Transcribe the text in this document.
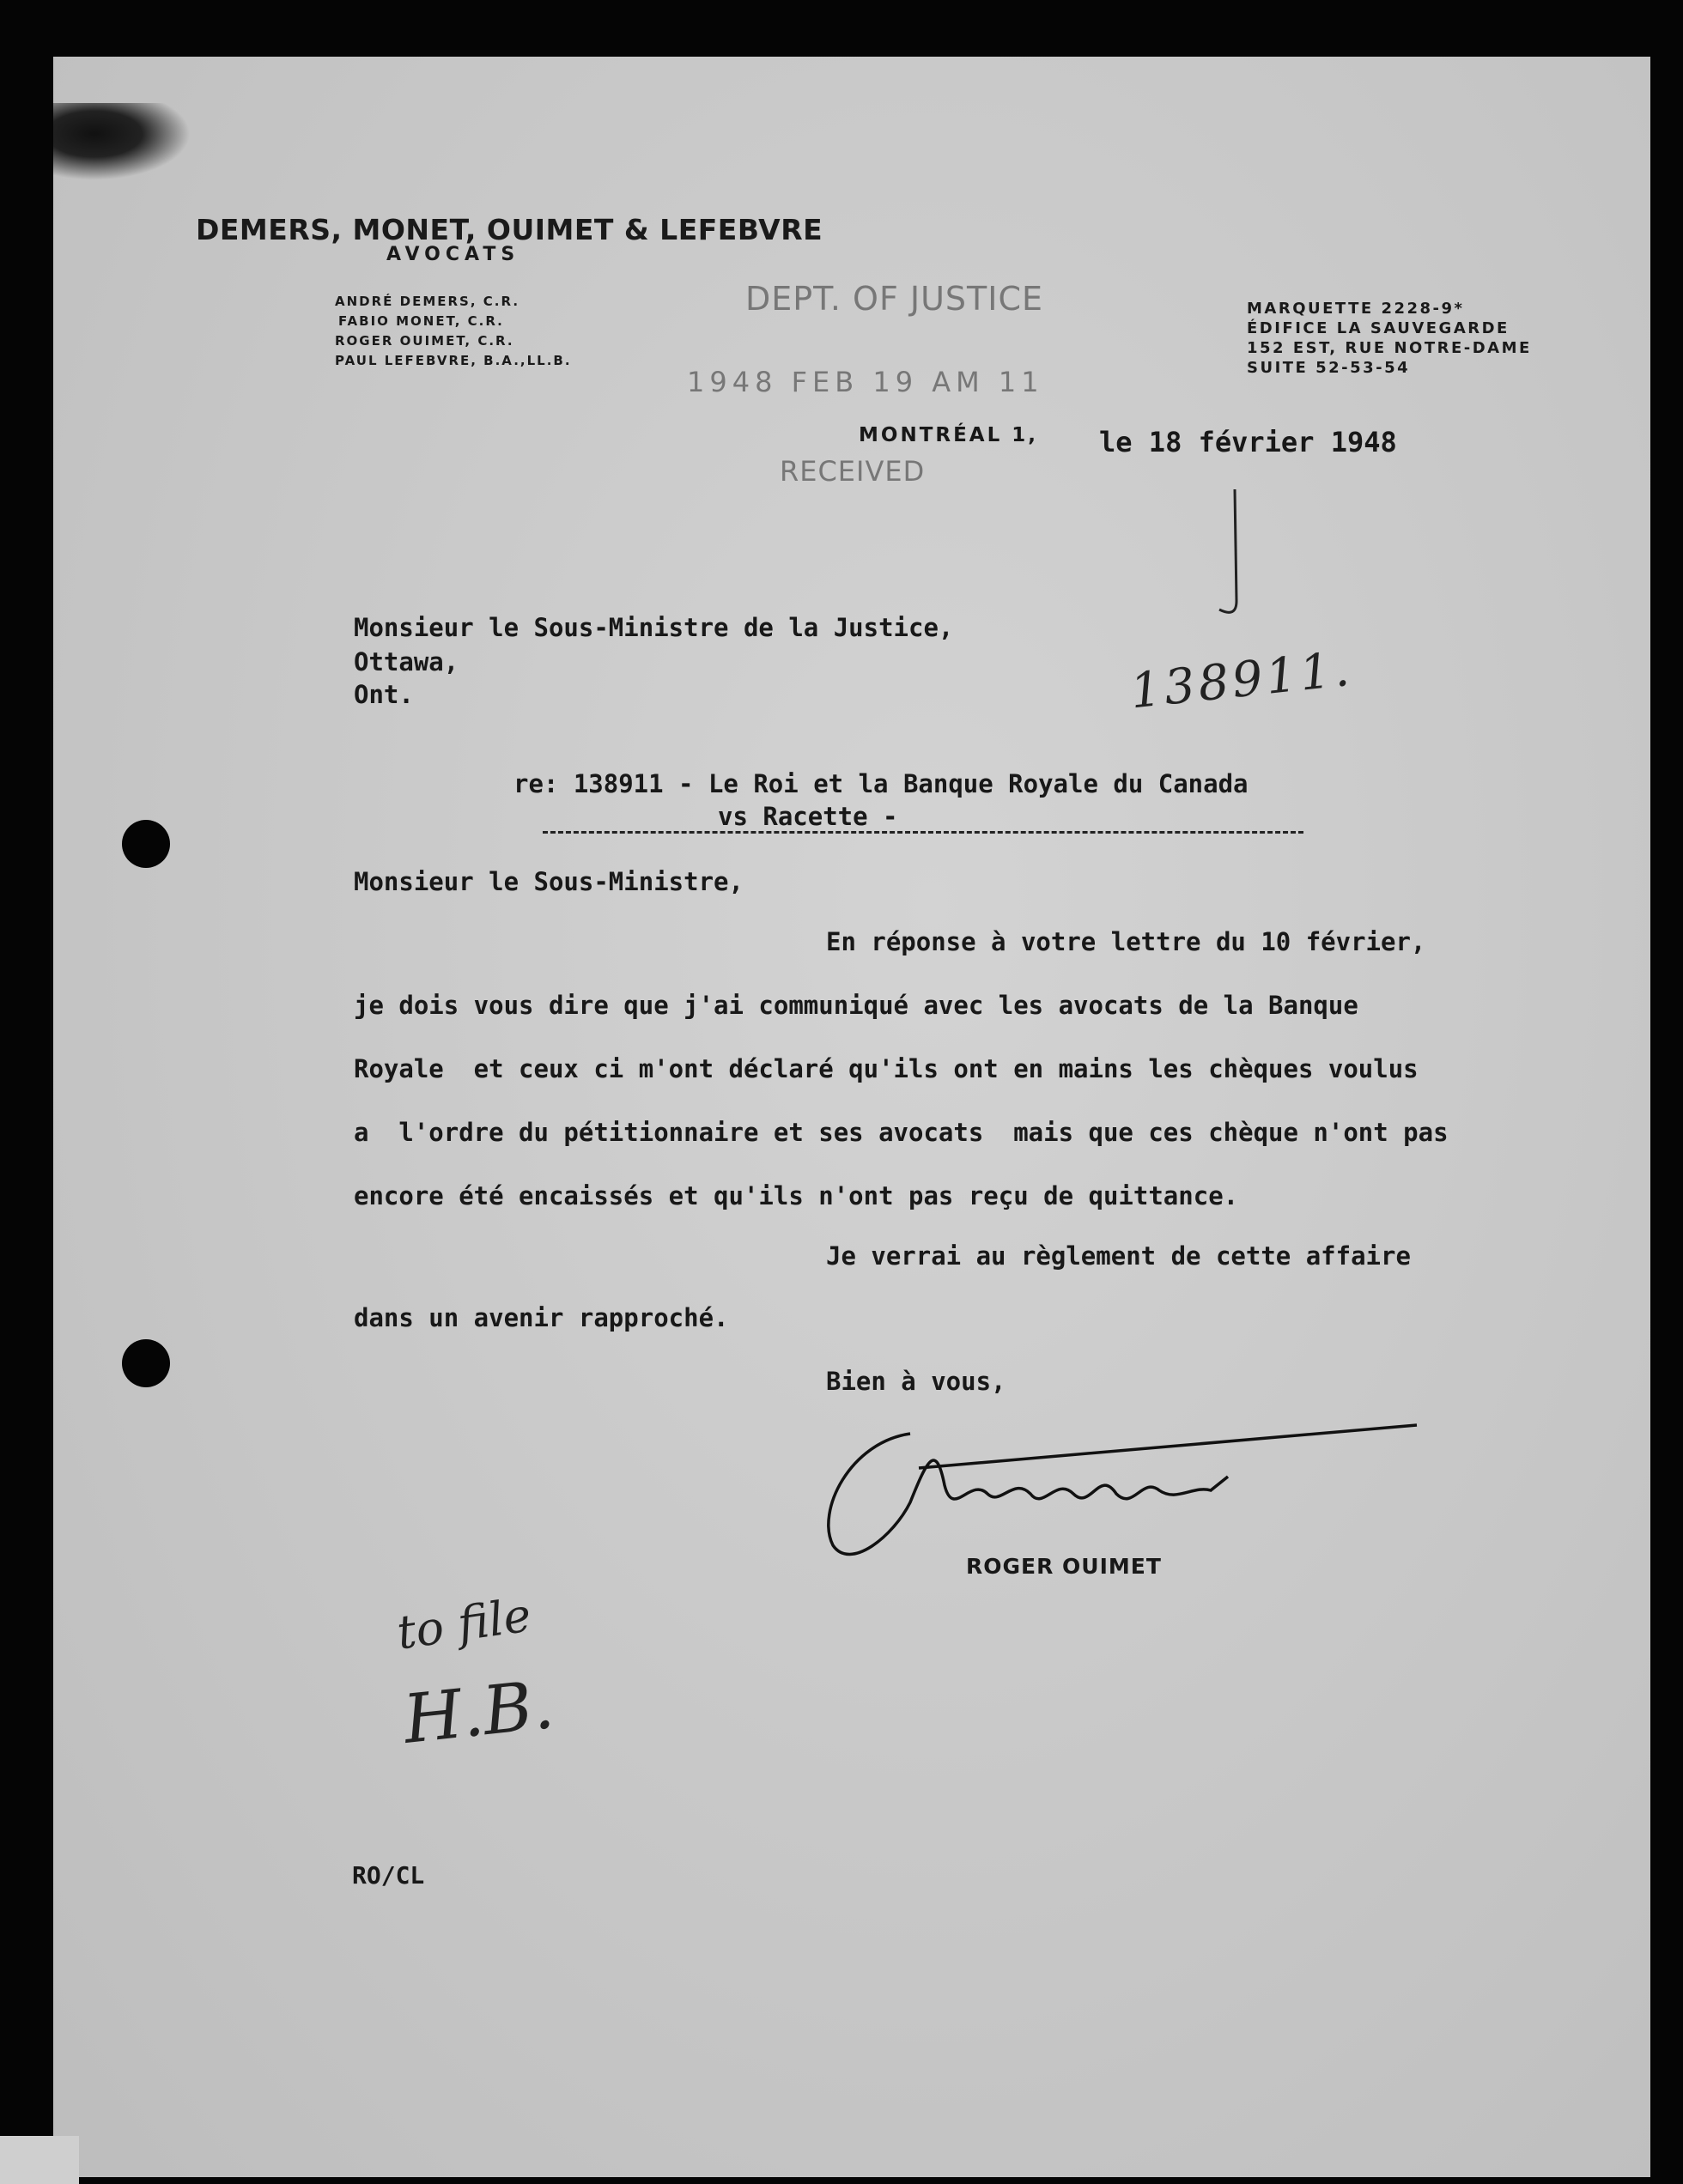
DEMERS, MONET, OUIMET & LEFEBVRE
AVOCATS
ANDRÉ DEMERS, C.R.
FABIO MONET, C.R.
ROGER OUIMET, C.R.
PAUL LEFEBVRE, B.A.,LL.B.
MARQUETTE 2228-9*
ÉDIFICE LA SAUVEGARDE
152 EST, RUE NOTRE-DAME
SUITE 52-53-54
DEPT. OF JUSTICE
1948 FEB 19 AM 11
RECEIVED
MONTRÉAL 1, le 18 février 1948
Monsieur le Sous-Ministre de la Justice,
Ottawa,
Ont.	138911.
re: 138911 - Le Roi et la Banque Royale du Canada
vs Racette -
Monsieur le Sous-Ministre,
En réponse à votre lettre du 10 février,
je dois vous dire que j'ai communiqué avec les avocats de la Banque
Royale  et ceux ci m'ont déclaré qu'ils ont en mains les chèques voulus
a  l'ordre du pétitionnaire et ses avocats  mais que ces chèque n'ont pas
encore été encaissés et qu'ils n'ont pas reçu de quittance.
Je verrai au règlement de cette affaire
dans un avenir rapproché.
Bien à vous,
ROGER OUIMET
to file
H.B.
RO/CL
